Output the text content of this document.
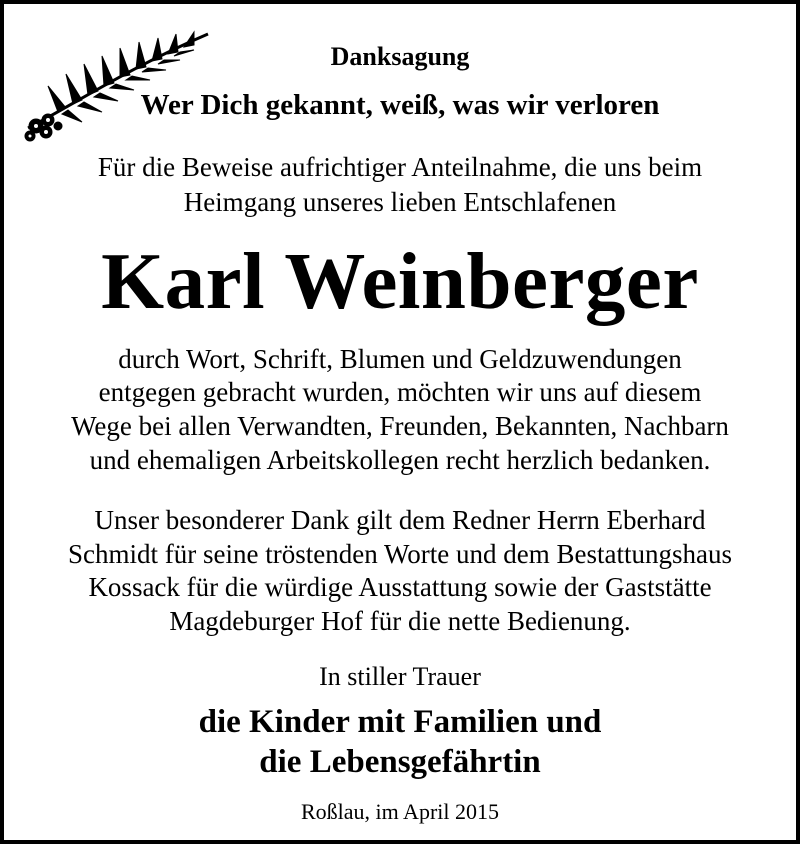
Danksagung
Wer Dich gekannt, weiß, was wir verloren
Für die Beweise aufrichtiger Anteilnahme, die uns beim
Heimgang unseres lieben Entschlafenen
Karl Weinberger
durch Wort, Schrift, Blumen und Geldzuwendungen
entgegen gebracht wurden, möchten wir uns auf diesem
Wege bei allen Verwandten, Freunden, Bekannten, Nachbarn
und ehemaligen Arbeitskollegen recht herzlich bedanken.
Unser besonderer Dank gilt dem Redner Herrn Eberhard
Schmidt für seine tröstenden Worte und dem Bestattungshaus
Kossack für die würdige Ausstattung sowie der Gaststätte
Magdeburger Hof für die nette Bedienung.
In stiller Trauer
die Kinder mit Familien und
die Lebensgefährtin
Roßlau, im April 2015
